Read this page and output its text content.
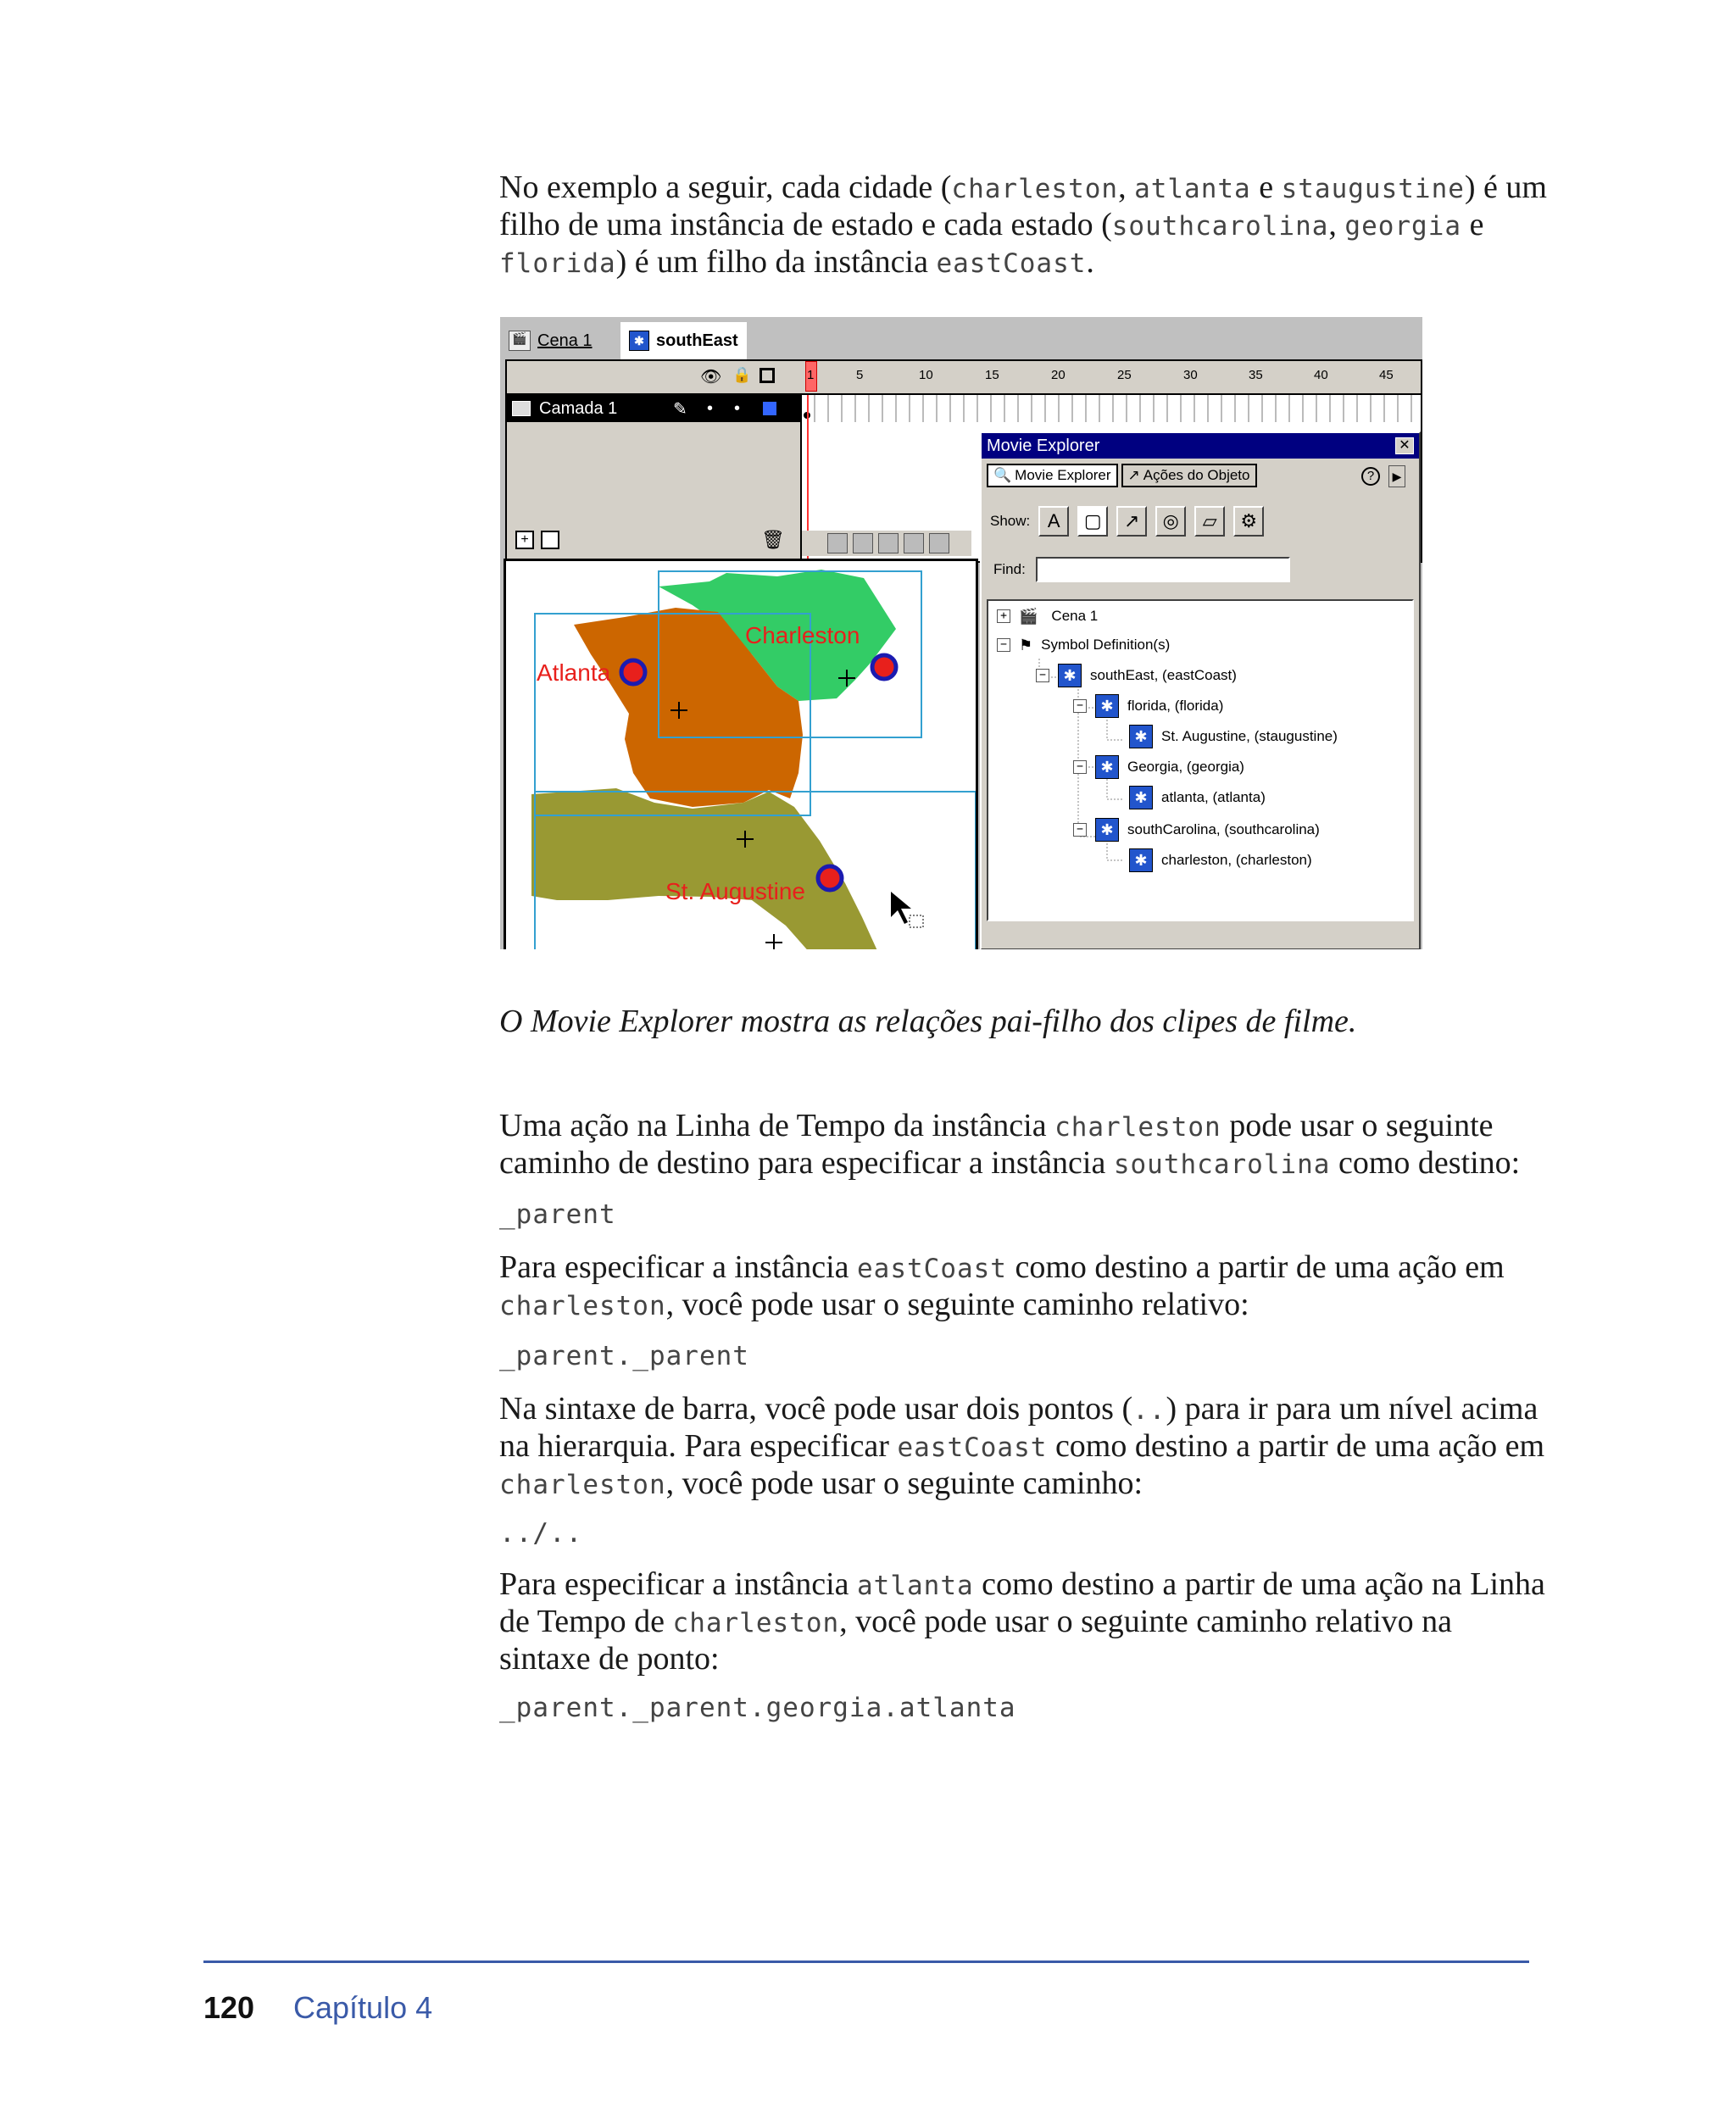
No exemplo a seguir, cada cidade (charleston, atlanta e staugustine) é um filho de uma instância de estado e cada estado (southcarolina, georgia e florida) é um filho da instância eastCoast.

🎬 Cena 1	✱ southEast
👁 🔒	1	5	10	15	20	25	30	35	40	45
Camada 1	✎ • •
+	🗑
Atlanta
Charleston
St. Augustine
Movie Explorer	✕
🔍 Movie Explorer ↗ Ações do Objeto	?	▶
Show: A	▢	↗	◎	▱	⚙
Find:
+ 🎬 Cena 1
− ⚑ Symbol Definition(s)
−	✱ southEast, (eastCoast)
−	✱ florida, (florida)
✱ St. Augustine, (staugustine)
−	✱ Georgia, (georgia)
✱ atlanta, (atlanta)
−	✱ southCarolina, (southcarolina)
✱ charleston, (charleston)

O Movie Explorer mostra as relações pai-filho dos clipes de filme.

Uma ação na Linha de Tempo da instância charleston pode usar o seguinte caminho de destino para especificar a instância southcarolina como destino:

_parent

Para especificar a instância eastCoast como destino a partir de uma ação em charleston, você pode usar o seguinte caminho relativo:

_parent._parent

Na sintaxe de barra, você pode usar dois pontos (..) para ir para um nível acima na hierarquia. Para especificar eastCoast como destino a partir de uma ação em charleston, você pode usar o seguinte caminho:

../..

Para especificar a instância atlanta como destino a partir de uma ação na Linha de Tempo de charleston, você pode usar o seguinte caminho relativo na sintaxe de ponto:

_parent._parent.georgia.atlanta

120 Capítulo 4
